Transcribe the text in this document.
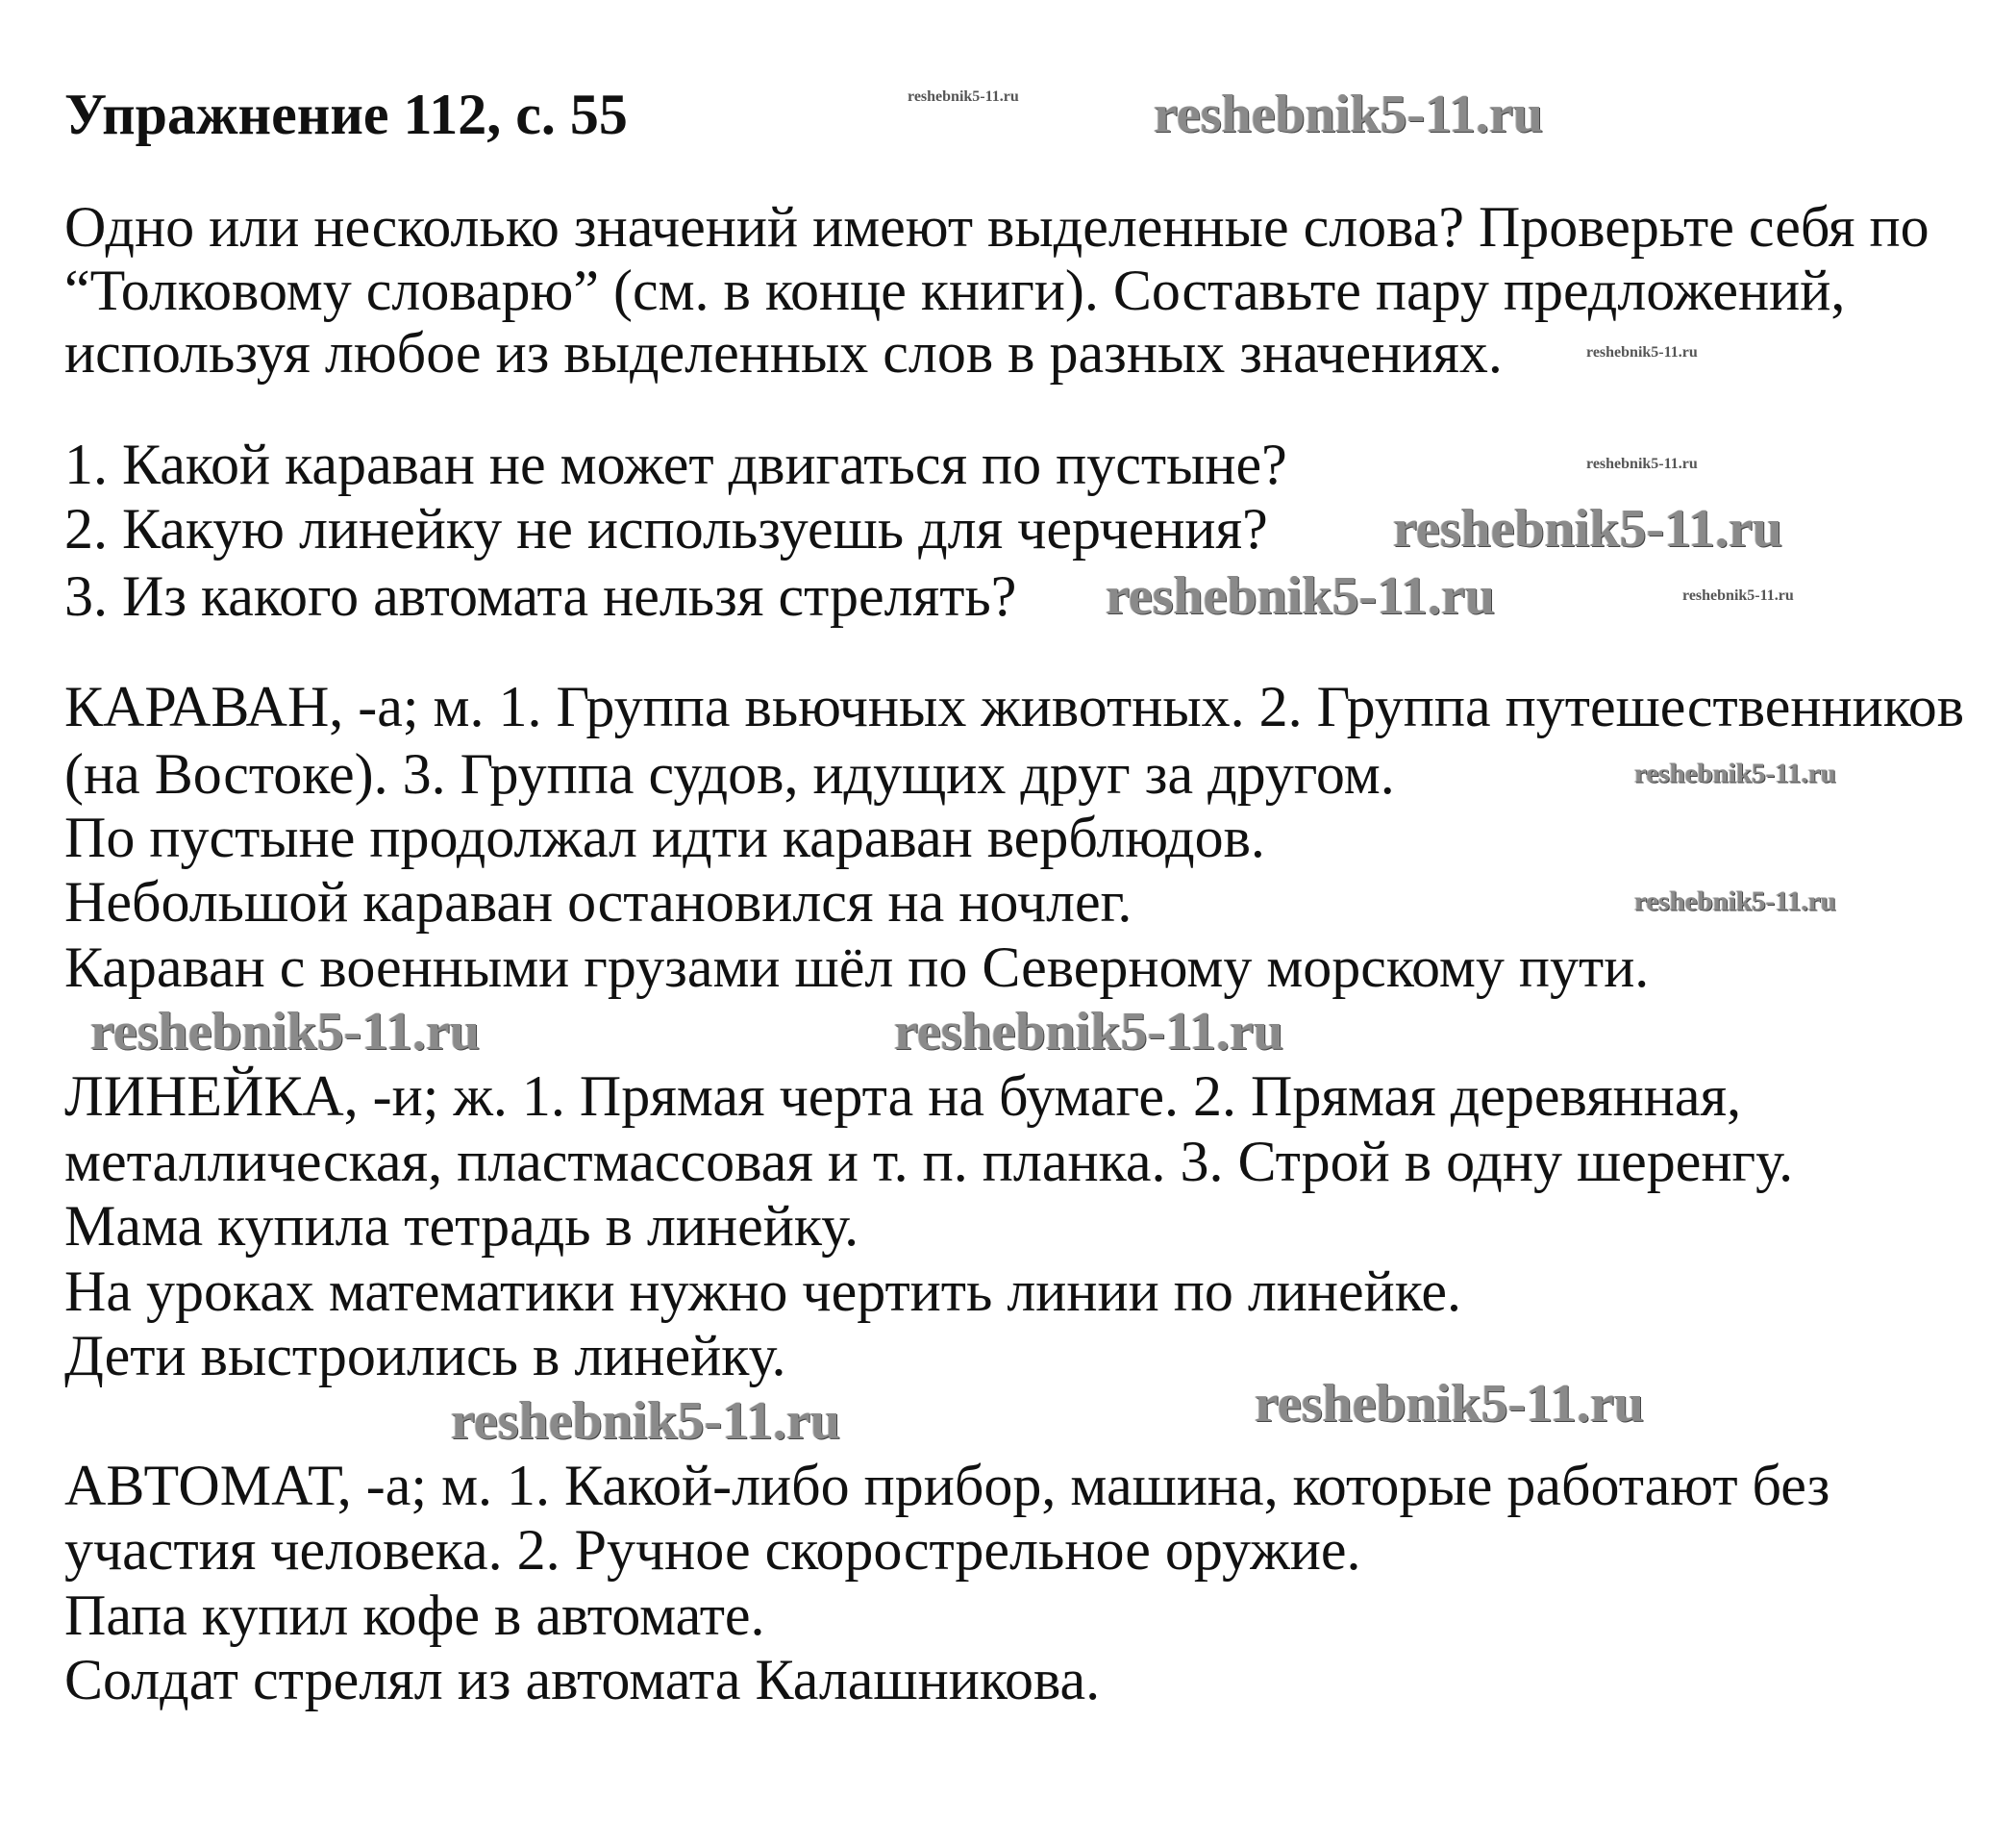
Упражнение 112, с. 55
Одно или несколько значений имеют выделенные слова? Проверьте себя по
“Толковому словарю” (см. в конце книги). Составьте пару предложений,
используя любое из выделенных слов в разных значениях.
1. Какой караван не может двигаться по пустыне?
2. Какую линейку не используешь для черчения?
3. Из какого автомата нельзя стрелять?
КАРАВАН, -а; м. 1. Группа вьючных животных. 2. Группа путешественников
(на Востоке). 3. Группа судов, идущих друг за другом.
По пустыне продолжал идти караван верблюдов.
Небольшой караван остановился на ночлег.
Караван с военными грузами шёл по Северному морскому пути.
ЛИНЕЙКА, -и; ж. 1. Прямая черта на бумаге. 2. Прямая деревянная,
металлическая, пластмассовая и т. п. планка. 3. Строй в одну шеренгу.
Мама купила тетрадь в линейку.
На уроках математики нужно чертить линии по линейке.
Дети выстроились в линейку.
АВТОМАТ, -а; м. 1. Какой-либо прибор, машина, которые работают без
участия человека. 2. Ручное скорострельное оружие.
Папа купил кофе в автомате.
Солдат стрелял из автомата Калашникова.
reshebnik5-11.ru	reshebnik5-11.ru
reshebnik5-11.ru
reshebnik5-11.ru
reshebnik5-11.ru
reshebnik5-11.ru	reshebnik5-11.ru
reshebnik5-11.ru
reshebnik5-11.ru
reshebnik5-11.ru	reshebnik5-11.ru
reshebnik5-11.ru
reshebnik5-11.ru
